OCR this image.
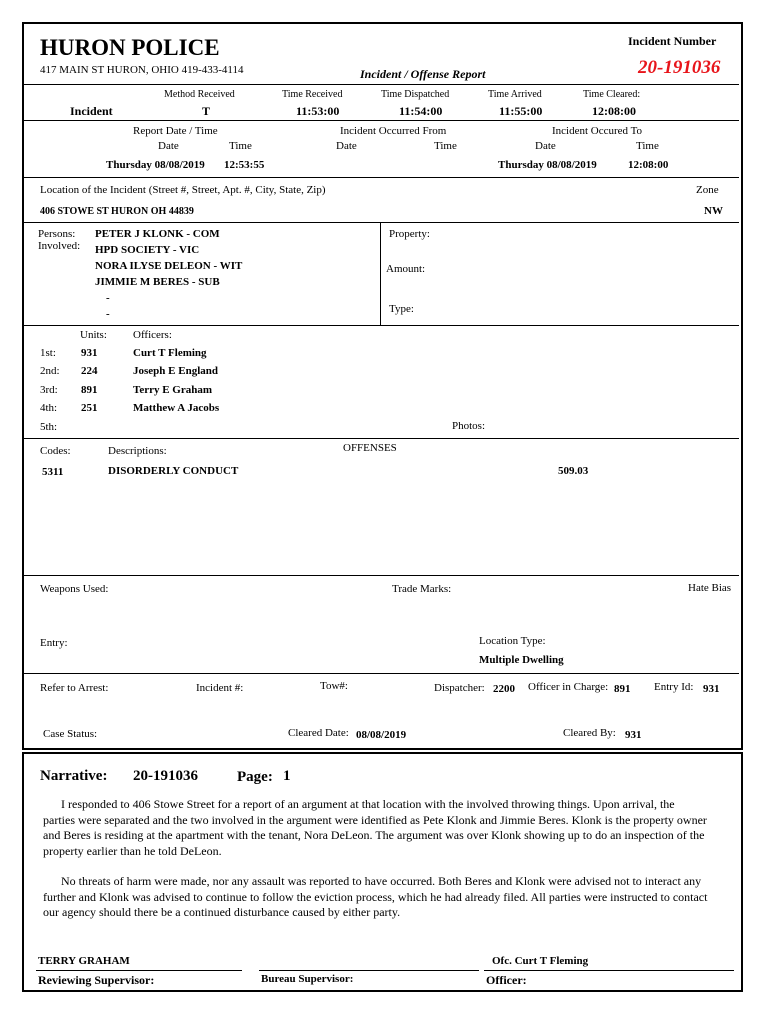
HURON POLICE
417 MAIN ST HURON, OHIO 419-433-4114	Incident / Offense Report
Incident Number
20-191036
Method Received	Time Received	Time Dispatched	Time Arrived	Time Cleared:
Incident	T	11:53:00	11:54:00	11:55:00	12:08:00
Report Date / Time	Incident Occurred From	Incident Occured To
Date	Time	Date	Time	Date	Time
Thursday 08/08/2019 12:53:55	Thursday 08/08/2019	12:08:00
Location of the Incident (Street #, Street, Apt. #, City, State, Zip)
406 STOWE ST HURON OH 44839
Zone
NW
Persons:
Involved:
PETER J KLONK - COM
HPD SOCIETY - VIC
NORA ILYSE DELEON - WIT
JIMMIE M BERES - SUB
-
-
Property:
Amount:
Type:
Units: Officers:
1st: 931	Curt T Fleming
2nd: 224	Joseph E England
3rd: 891	Terry E Graham
4th: 251	Matthew A Jacobs
5th:	Photos:
Codes:	Descriptions:	OFFENSES
5311	DISORDERLY CONDUCT	509.03
Weapons Used:	Trade Marks:	Hate Bias
Entry:	Location Type:
Multiple Dwelling
Refer to Arrest:	Incident #:	Tow#:	Dispatcher: 2200 Officer in Charge: 891 Entry Id: 931
Case Status:	Cleared Date: 08/08/2019	Cleared By: 931
Narrative: 20-191036	Page: 1
I responded to 406 Stowe Street for a report of an argument at that location with the involved throwing things. Upon arrival, the parties were separated and the two involved in the argument were identified as Pete Klonk and Jimmie Beres. Klonk is the property owner and Beres is residing at the apartment with the tenant, Nora DeLeon. The argument was over Klonk showing up to do an inspection of the property earlier than he told DeLeon.
No threats of harm were made, nor any assault was reported to have occurred. Both Beres and Klonk were advised not to interact any further and Klonk was advised to continue to follow the eviction process, which he had already filed. All parties were instructed to contact our agency should there be a continued disturbance caused by either party.
TERRY GRAHAM
Reviewing Supervisor:	Bureau Supervisor:
Ofc. Curt T Fleming
Officer:
